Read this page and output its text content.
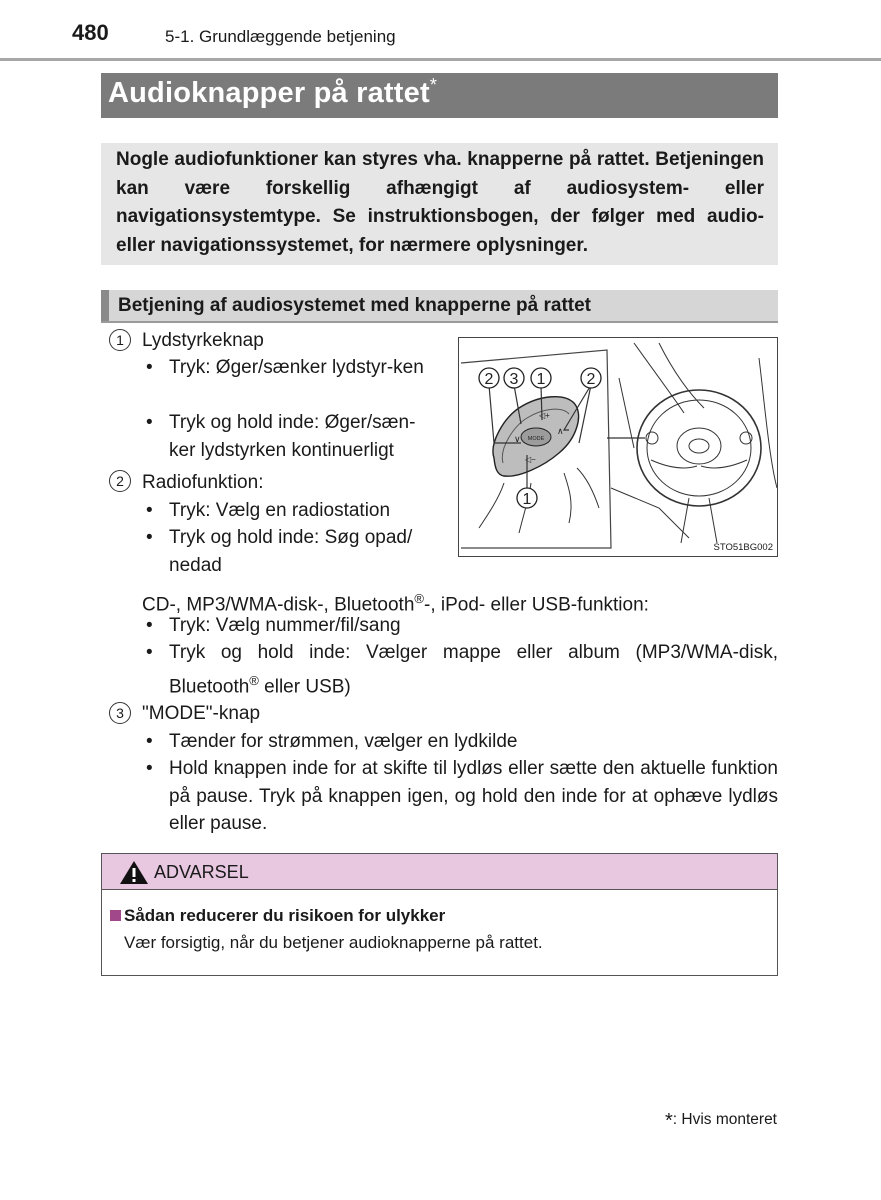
480	5-1. Grundlæggende betjening
Audioknapper på rattet*
Nogle audiofunktioner kan styres vha. knapperne på rattet. Betjeningen kan være forskellig afhængigt af audiosystem- eller navigationsystemtype. Se instruktionsbogen, der følger med audio- eller navigationssystemet, for nærmere oplysninger.
Betjening af audiosystemet med knapperne på rattet
1 Lydstyrkeknap
• Tryk: Øger/sænker lydstyr-ken
• Tryk og hold inde: Øger/sæn-ker lydstyrken kontinuerligt
2 Radiofunktion:
• Tryk: Vælg en radiostation
• Tryk og hold inde: Søg opad/ nedad
CD-, MP3/WMA-disk-, Bluetooth®-, iPod- eller USB-funktion:
• Tryk: Vælg nummer/fil/sang
• Tryk og hold inde: Vælger mappe eller album (MP3/WMA-disk, Bluetooth® eller USB)
3 "MODE"-knap
• Tænder for strømmen, vælger en lydkilde
• Hold knappen inde for at skifte til lydløs eller sætte den aktuelle funktion på pause. Tryk på knappen igen, og hold den inde for at ophæve lydløs eller pause.
2 3 1	2
1
MODE
◁+
◁−
∨
∧
STO51BG002
ADVARSEL
Sådan reducerer du risikoen for ulykker
Vær forsigtig, når du betjener audioknapperne på rattet.
*: Hvis monteret
